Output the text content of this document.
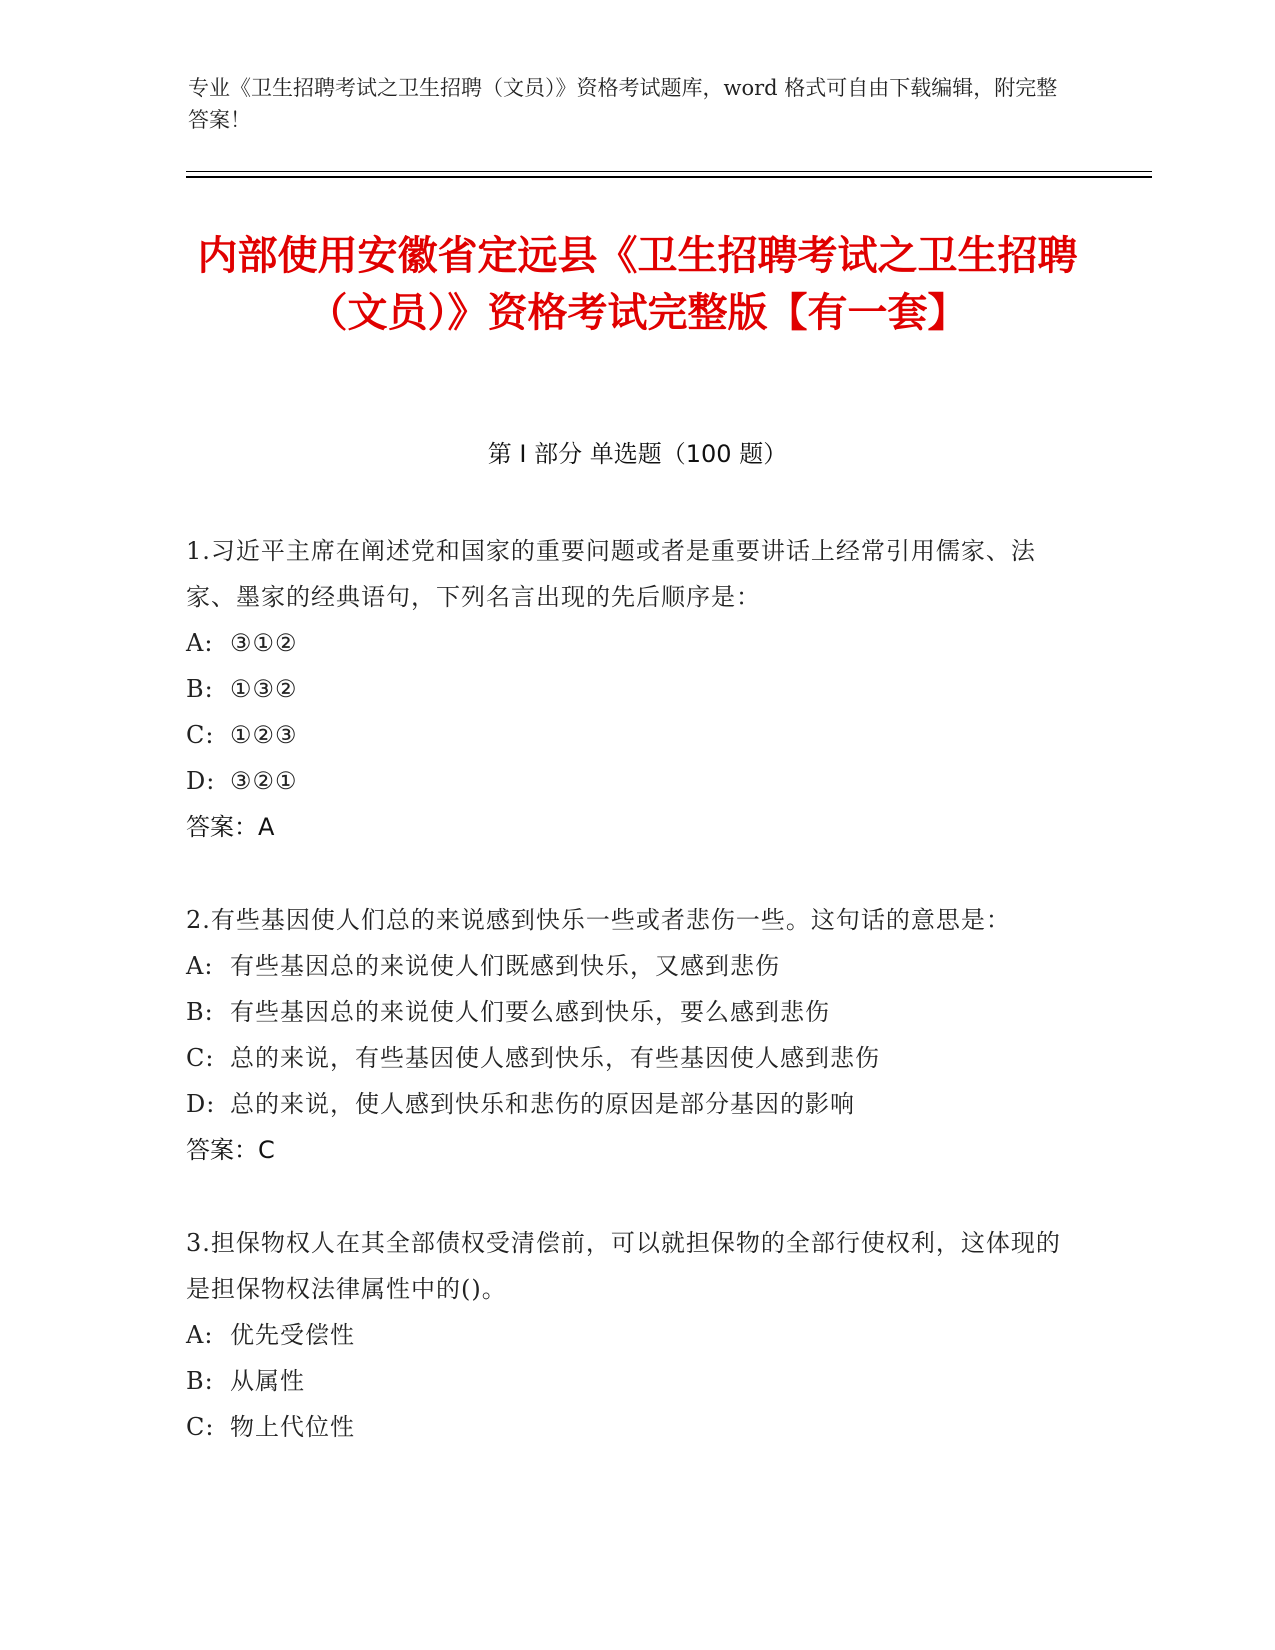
专业《卫生招聘考试之卫生招聘（文员）》资格考试题库，word 格式可自由下载编辑，附完整答案！
内部使用安徽省定远县《卫生招聘考试之卫生招聘（文员）》资格考试完整版【有一套】
第 I 部分 单选题（100 题）
1.习近平主席在阐述党和国家的重要问题或者是重要讲话上经常引用儒家、法家、墨家的经典语句，下列名言出现的先后顺序是：
A: ③①②
B: ①③②
C: ①②③
D: ③②①
答案：A
2.有些基因使人们总的来说感到快乐一些或者悲伤一些。这句话的意思是：
A: 有些基因总的来说使人们既感到快乐，又感到悲伤
B: 有些基因总的来说使人们要么感到快乐，要么感到悲伤
C: 总的来说，有些基因使人感到快乐，有些基因使人感到悲伤
D: 总的来说，使人感到快乐和悲伤的原因是部分基因的影响
答案：C
3.担保物权人在其全部债权受清偿前，可以就担保物的全部行使权利，这体现的是担保物权法律属性中的()。
A: 优先受偿性
B: 从属性
C: 物上代位性
